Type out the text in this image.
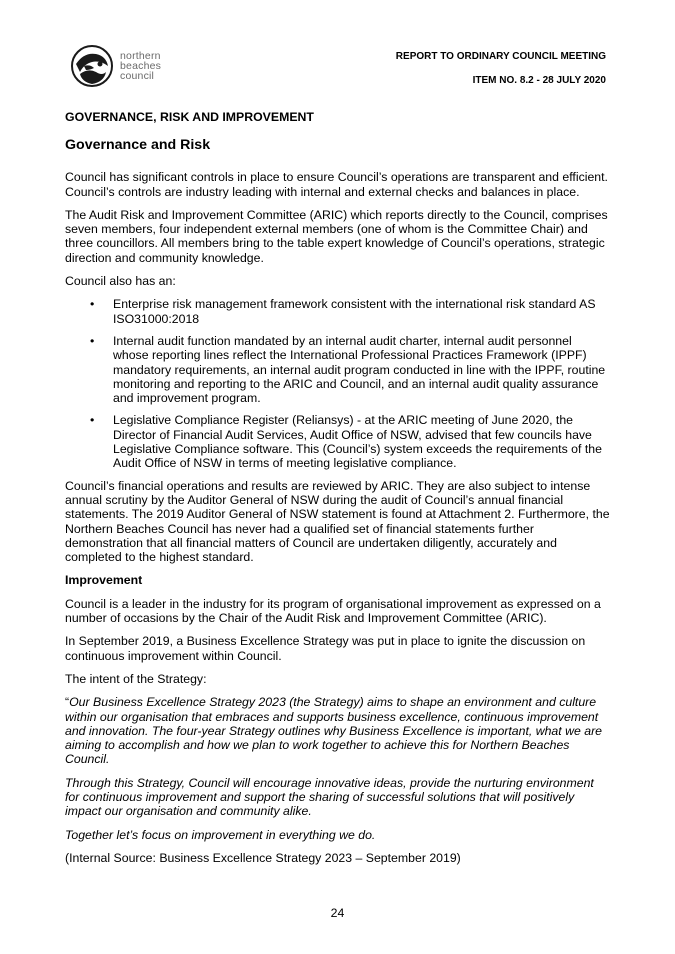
northern
beaches
council
REPORT TO ORDINARY COUNCIL MEETING
ITEM NO. 8.2 - 28 JULY 2020
GOVERNANCE, RISK AND IMPROVEMENT
Governance and Risk

Council has significant controls in place to ensure Council’s operations are transparent and efficient. Council’s controls are industry leading with internal and external checks and balances in place.

The Audit Risk and Improvement Committee (ARIC) which reports directly to the Council, comprises seven members, four independent external members (one of whom is the Committee Chair) and three councillors. All members bring to the table expert knowledge of Council’s operations, strategic direction and community knowledge.

Council also has an:

• Enterprise risk management framework consistent with the international risk standard AS ISO31000:2018
• Internal audit function mandated by an internal audit charter, internal audit personnel whose reporting lines reflect the International Professional Practices Framework (IPPF) mandatory requirements, an internal audit program conducted in line with the IPPF, routine monitoring and reporting to the ARIC and Council, and an internal audit quality assurance and improvement program.
• Legislative Compliance Register (Reliansys) - at the ARIC meeting of June 2020, the Director of Financial Audit Services, Audit Office of NSW, advised that few councils have Legislative Compliance software. This (Council’s) system exceeds the requirements of the Audit Office of NSW in terms of meeting legislative compliance.

Council’s financial operations and results are reviewed by ARIC. They are also subject to intense annual scrutiny by the Auditor General of NSW during the audit of Council’s annual financial statements. The 2019 Auditor General of NSW statement is found at Attachment 2. Furthermore, the Northern Beaches Council has never had a qualified set of financial statements further demonstration that all financial matters of Council are undertaken diligently, accurately and completed to the highest standard.

Improvement

Council is a leader in the industry for its program of organisational improvement as expressed on a number of occasions by the Chair of the Audit Risk and Improvement Committee (ARIC).

In September 2019, a Business Excellence Strategy was put in place to ignite the discussion on continuous improvement within Council.

The intent of the Strategy:

“Our Business Excellence Strategy 2023 (the Strategy) aims to shape an environment and culture within our organisation that embraces and supports business excellence, continuous improvement and innovation. The four-year Strategy outlines why Business Excellence is important, what we are aiming to accomplish and how we plan to work together to achieve this for Northern Beaches Council.

Through this Strategy, Council will encourage innovative ideas, provide the nurturing environment for continuous improvement and support the sharing of successful solutions that will positively impact our organisation and community alike.

Together let’s focus on improvement in everything we do.

(Internal Source: Business Excellence Strategy 2023 – September 2019)

24
